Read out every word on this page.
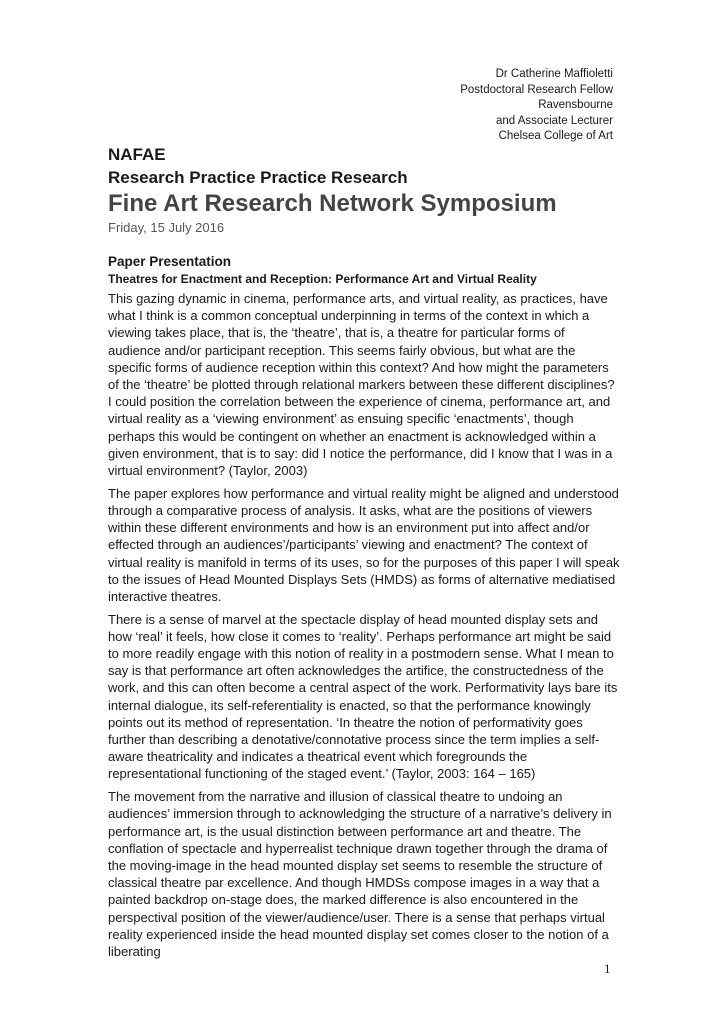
Dr Catherine Maffioletti
Postdoctoral Research Fellow
Ravensbourne
and Associate Lecturer
Chelsea College of Art

NAFAE

Research Practice Practice Research

Fine Art Research Network Symposium

Friday, 15 July 2016

Paper Presentation

Theatres for Enactment and Reception: Performance Art and Virtual Reality

This gazing dynamic in cinema, performance arts, and virtual reality, as practices, have what I think is a common conceptual underpinning in terms of the context in which a viewing takes place, that is, the ‘theatre’, that is, a theatre for particular forms of audience and/or participant reception. This seems fairly obvious, but what are the specific forms of audience reception within this context? And how might the parameters of the ‘theatre’ be plotted through relational markers between these different disciplines? I could position the correlation between the experience of cinema, performance art, and virtual reality as a ‘viewing environment’ as ensuing specific ‘enactments’, though perhaps this would be contingent on whether an enactment is acknowledged within a given environment, that is to say: did I notice the performance, did I know that I was in a virtual environment? (Taylor, 2003)

The paper explores how performance and virtual reality might be aligned and understood through a comparative process of analysis. It asks, what are the positions of viewers within these different environments and how is an environment put into affect and/or effected through an audiences’/participants’ viewing and enactment? The context of virtual reality is manifold in terms of its uses, so for the purposes of this paper I will speak to the issues of Head Mounted Displays Sets (HMDS) as forms of alternative mediatised interactive theatres.

There is a sense of marvel at the spectacle display of head mounted display sets and how ‘real’ it feels, how close it comes to ‘reality’. Perhaps performance art might be said to more readily engage with this notion of reality in a postmodern sense. What I mean to say is that performance art often acknowledges the artifice, the constructedness of the work, and this can often become a central aspect of the work. Performativity lays bare its internal dialogue, its self-referentiality is enacted, so that the performance knowingly points out its method of representation. ‘In theatre the notion of performativity goes further than describing a denotative/connotative process since the term implies a self-aware theatricality and indicates a theatrical event which foregrounds the representational functioning of the staged event.’ (Taylor, 2003: 164 – 165)

The movement from the narrative and illusion of classical theatre to undoing an audiences’ immersion through to acknowledging the structure of a narrative’s delivery in performance art, is the usual distinction between performance art and theatre. The conflation of spectacle and hyperrealist technique drawn together through the drama of the moving-image in the head mounted display set seems to resemble the structure of classical theatre par excellence. And though HMDSs compose images in a way that a painted backdrop on-stage does, the marked difference is also encountered in the perspectival position of the viewer/audience/user. There is a sense that perhaps virtual reality experienced inside the head mounted display set comes closer to the notion of a liberating

1
